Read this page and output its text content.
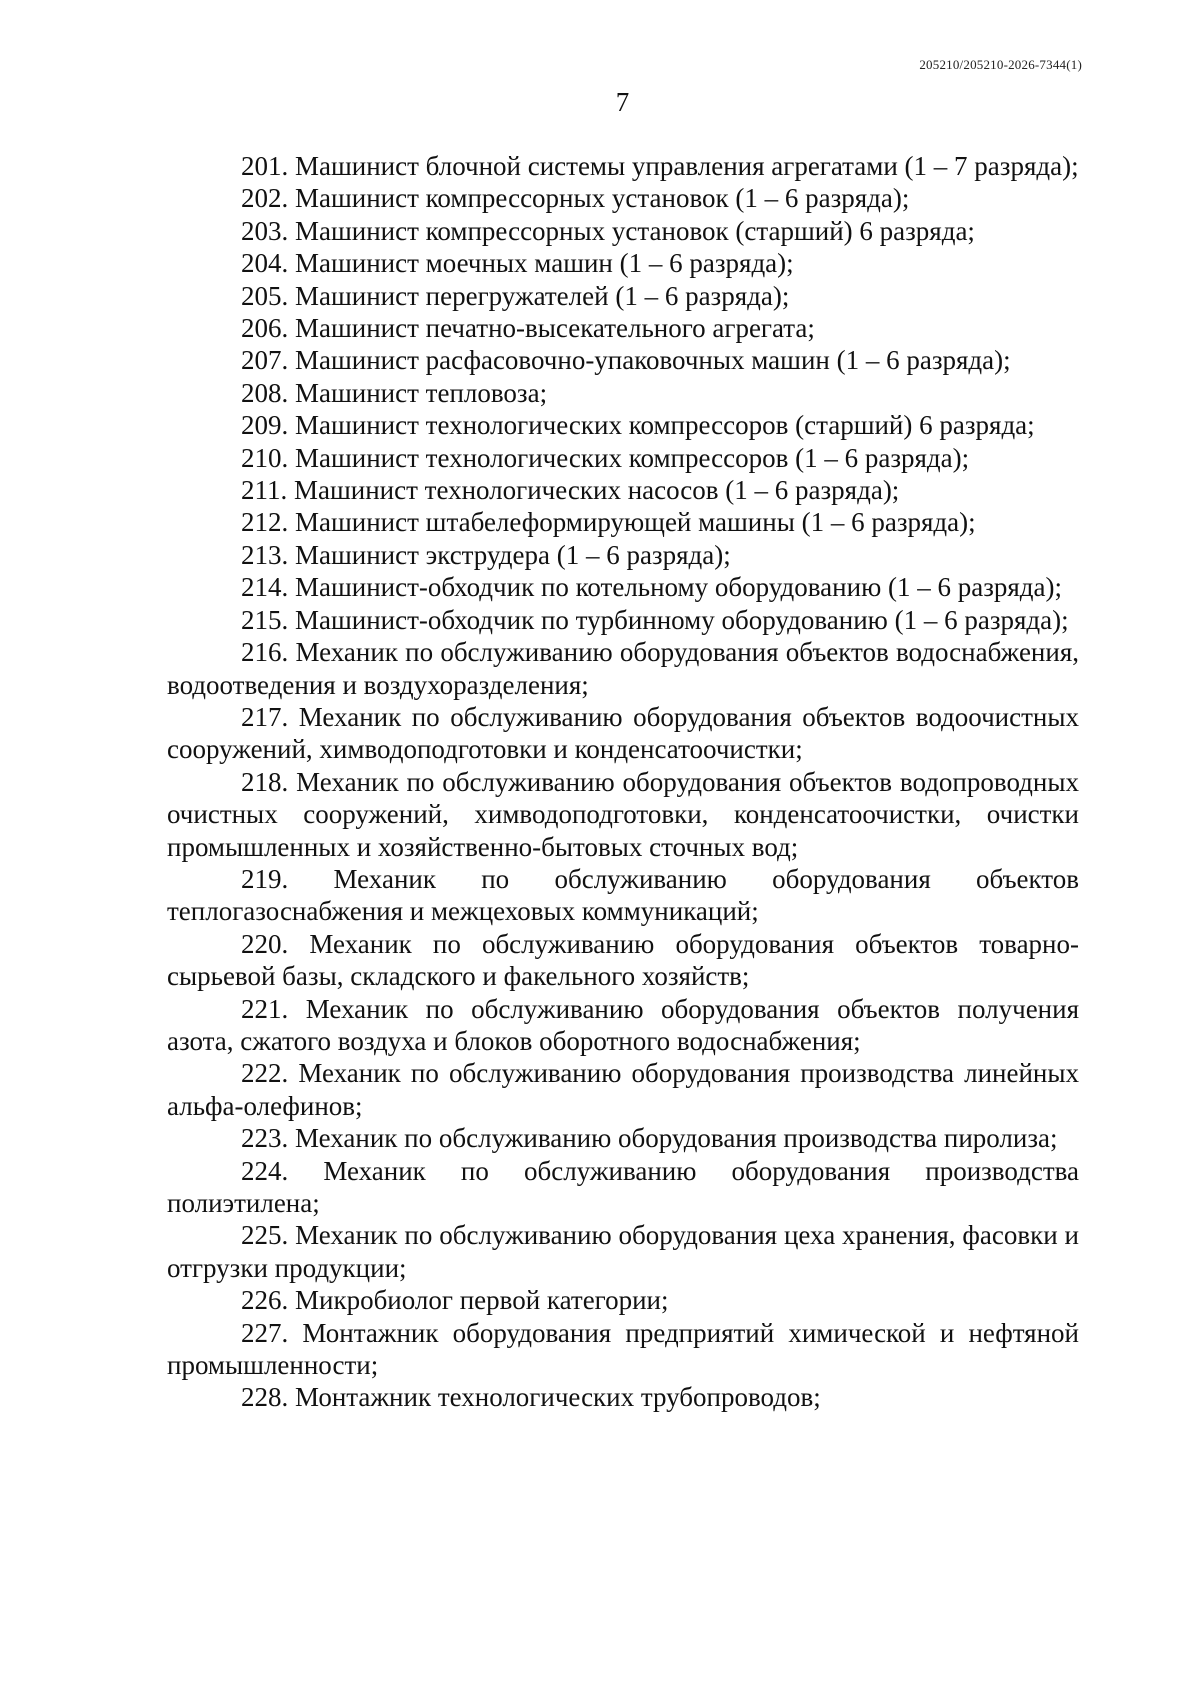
205210/205210-2026-7344(1)
7

201. Машинист блочной системы управления агрегатами (1 – 7 разряда);

202. Машинист компрессорных установок (1 – 6 разряда);

203. Машинист компрессорных установок (старший) 6 разряда;

204. Машинист моечных машин (1 – 6 разряда);

205. Машинист перегружателей (1 – 6 разряда);

206. Машинист печатно-высекательного агрегата;

207. Машинист расфасовочно-упаковочных машин (1 – 6 разряда);

208. Машинист тепловоза;

209. Машинист технологических компрессоров (старший) 6 разряда;

210. Машинист технологических компрессоров (1 – 6 разряда);

211. Машинист технологических насосов (1 – 6 разряда);

212. Машинист штабелеформирующей машины (1 – 6 разряда);

213. Машинист экструдера (1 – 6 разряда);

214. Машинист-обходчик по котельному оборудованию (1 – 6 разряда);

215. Машинист-обходчик по турбинному оборудованию (1 – 6 разряда);

216. Механик по обслуживанию оборудования объектов водоснабжения, водоотведения и воздухоразделения;

217. Механик по обслуживанию оборудования объектов водоочистных сооружений, химводоподготовки и конденсатоочистки;

218. Механик по обслуживанию оборудования объектов водопроводных очистных сооружений, химводоподготовки, конденсатоочистки, очистки промышленных и хозяйственно-бытовых сточных вод;

219. Механик по обслуживанию оборудования объектов теплогазоснабжения и межцеховых коммуникаций;

220. Механик по обслуживанию оборудования объектов товарно-сырьевой базы, складского и факельного хозяйств;

221. Механик по обслуживанию оборудования объектов получения азота, сжатого воздуха и блоков оборотного водоснабжения;

222. Механик по обслуживанию оборудования производства линейных альфа-олефинов;

223. Механик по обслуживанию оборудования производства пиролиза;

224. Механик по обслуживанию оборудования производства полиэтилена;

225. Механик по обслуживанию оборудования цеха хранения, фасовки и отгрузки продукции;

226. Микробиолог первой категории;

227. Монтажник оборудования предприятий химической и нефтяной промышленности;

228. Монтажник технологических трубопроводов;
